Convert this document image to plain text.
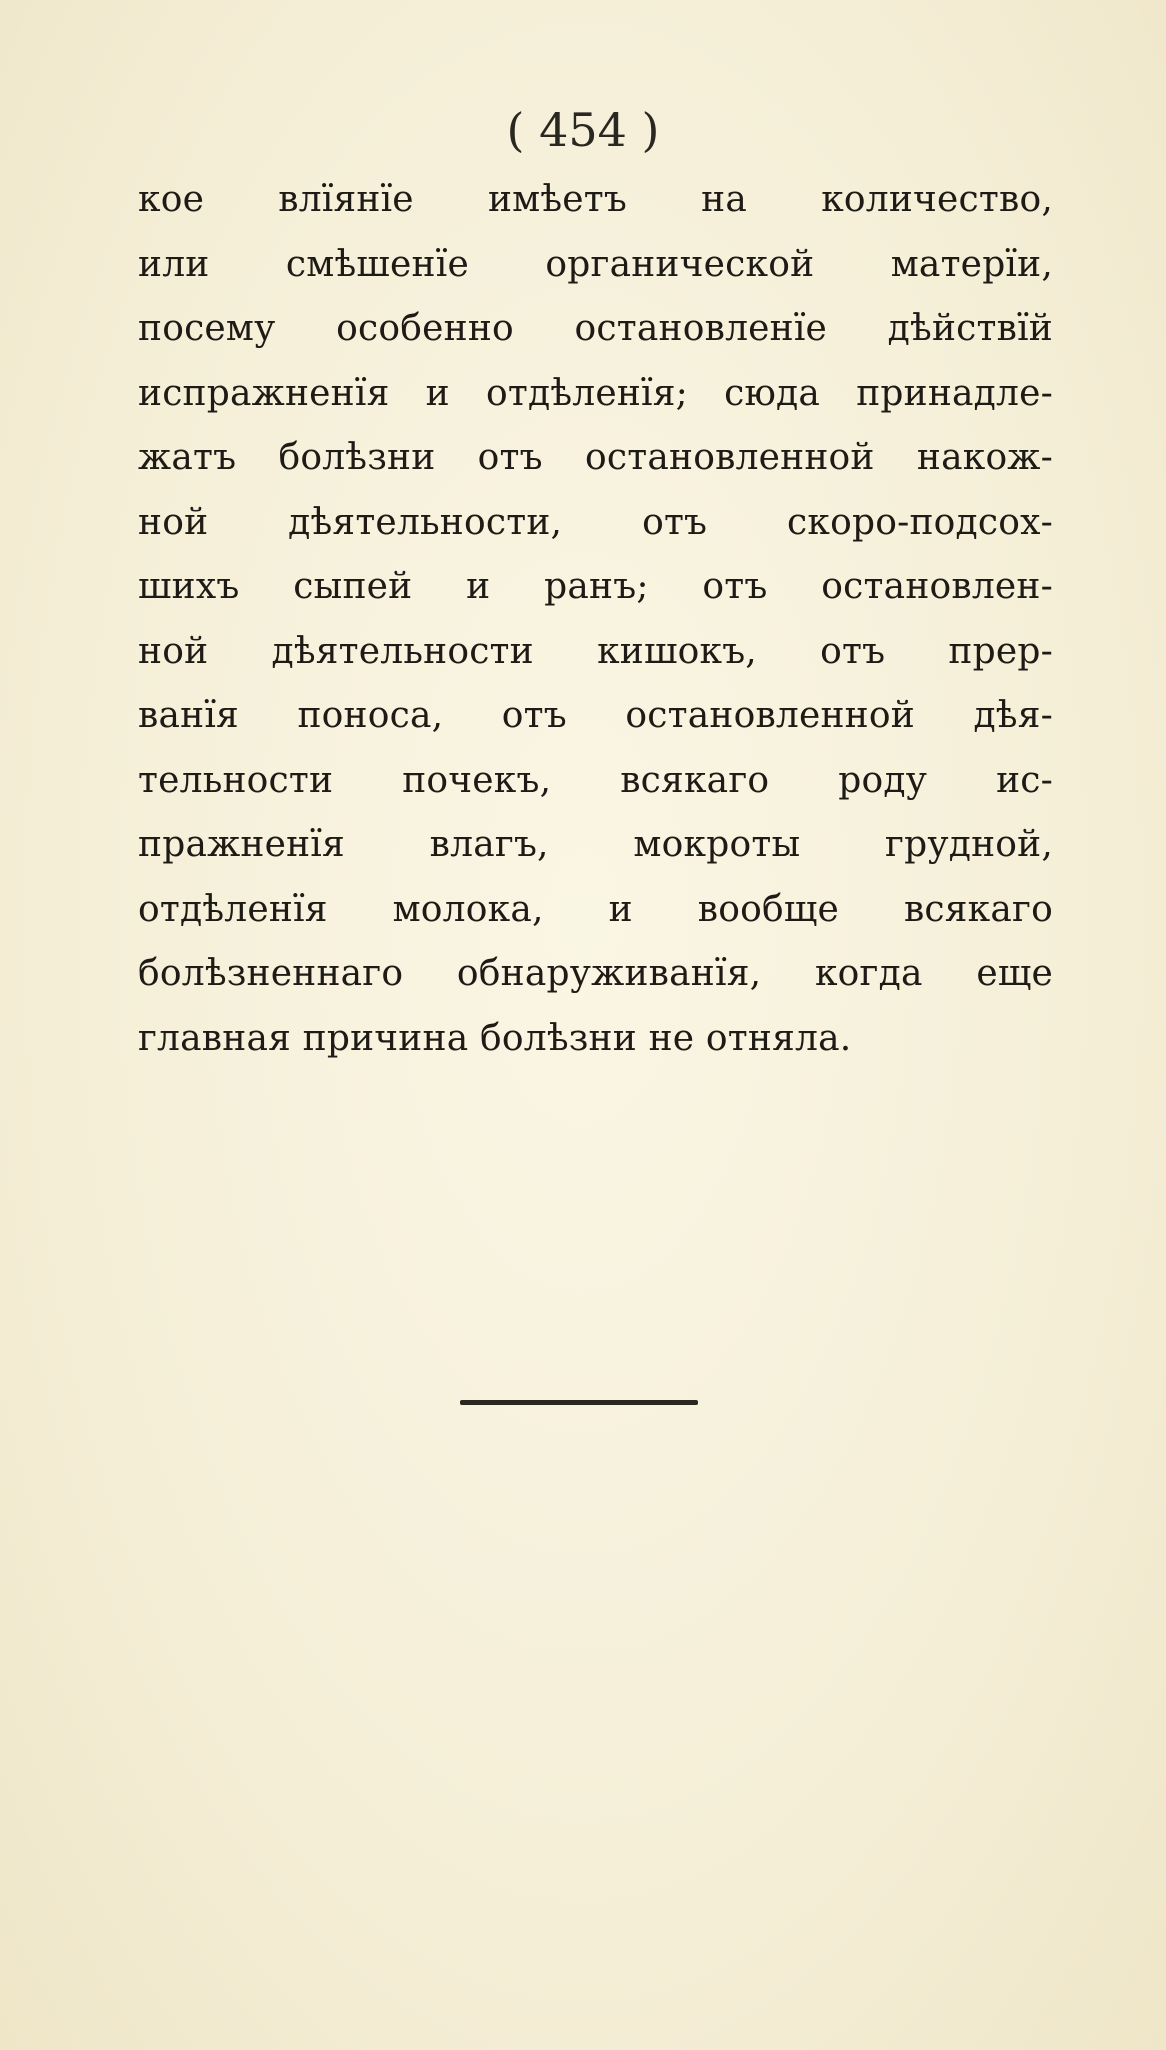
( 454 )
кое влїянїе имѣетъ на количество,
или смѣшенїе органической матерїи,
посему особенно остановленїе дѣйствїй
испражненїя и отдѣленїя; сюда принадле-
жатъ болѣзни отъ остановленной накож-
ной дѣятельности, отъ скоро-подсох-
шихъ сыпей и ранъ; отъ остановлен-
ной дѣятельности кишокъ, отъ прер-
ванїя поноса, отъ остановленной дѣя-
тельности почекъ, всякаго роду ис-
пражненїя влагъ, мокроты грудной,
отдѣленїя молока, и вообще всякаго
болѣзненнаго обнаруживанїя, когда еще
главная причина болѣзни не отняла.
